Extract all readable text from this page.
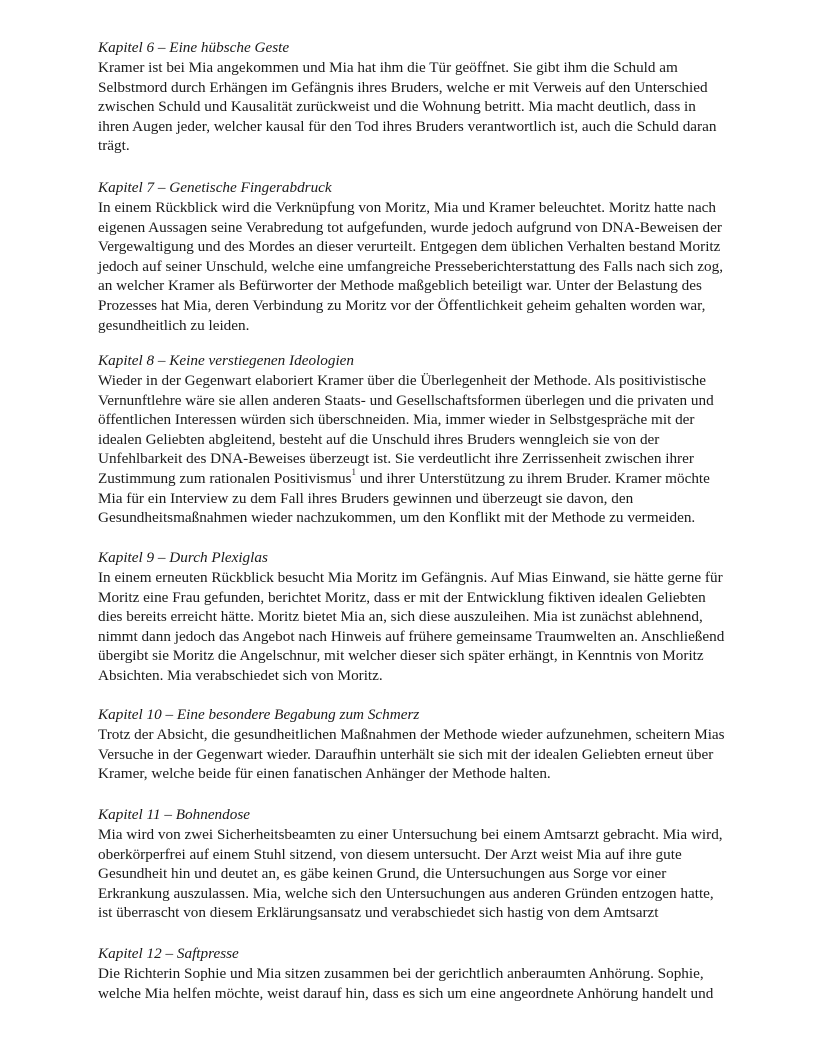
Kapitel 6 – Eine hübsche Geste

Kramer ist bei Mia angekommen und Mia hat ihm die Tür geöffnet. Sie gibt ihm die Schuld am Selbstmord durch Erhängen im Gefängnis ihres Bruders, welche er mit Verweis auf den Unterschied zwischen Schuld und Kausalität zurückweist und die Wohnung betritt. Mia macht deutlich, dass in ihren Augen jeder, welcher kausal für den Tod ihres Bruders verantwortlich ist, auch die Schuld daran trägt.

Kapitel 7 – Genetische Fingerabdruck

In einem Rückblick wird die Verknüpfung von Moritz, Mia und Kramer beleuchtet. Moritz hatte nach eigenen Aussagen seine Verabredung tot aufgefunden, wurde jedoch aufgrund von DNA-Beweisen der Vergewaltigung und des Mordes an dieser verurteilt. Entgegen dem üblichen Verhalten bestand Moritz jedoch auf seiner Unschuld, welche eine umfangreiche Presseberichterstattung des Falls nach sich zog, an welcher Kramer als Befürworter der Methode maßgeblich beteiligt war. Unter der Belastung des Prozesses hat Mia, deren Verbindung zu Moritz vor der Öffentlichkeit geheim gehalten worden war, gesundheitlich zu leiden.

Kapitel 8 – Keine verstiegenen Ideologien

Wieder in der Gegenwart elaboriert Kramer über die Überlegenheit der Methode. Als positivistische Vernunftlehre wäre sie allen anderen Staats- und Gesellschaftsformen überlegen und die privaten und öffentlichen Interessen würden sich überschneiden. Mia, immer wieder in Selbstgespräche mit der idealen Geliebten abgleitend, besteht auf die Unschuld ihres Bruders wenngleich sie von der Unfehlbarkeit des DNA-Beweises überzeugt ist. Sie verdeutlicht ihre Zerrissenheit zwischen ihrer Zustimmung zum rationalen Positivismus$^1$ und ihrer Unterstützung zu ihrem Bruder. Kramer möchte Mia für ein Interview zu dem Fall ihres Bruders gewinnen und überzeugt sie davon, den Gesundheitsmaßnahmen wieder nachzukommen, um den Konflikt mit der Methode zu vermeiden.

Kapitel 9 – Durch Plexiglas

In einem erneuten Rückblick besucht Mia Moritz im Gefängnis. Auf Mias Einwand, sie hätte gerne für Moritz eine Frau gefunden, berichtet Moritz, dass er mit der Entwicklung fiktiven idealen Geliebten dies bereits erreicht hätte. Moritz bietet Mia an, sich diese auszuleihen. Mia ist zunächst ablehnend, nimmt dann jedoch das Angebot nach Hinweis auf frühere gemeinsame Traumwelten an. Anschließend übergibt sie Moritz die Angelschnur, mit welcher dieser sich später erhängt, in Kenntnis von Moritz Absichten. Mia verabschiedet sich von Moritz.

Kapitel 10 – Eine besondere Begabung zum Schmerz

Trotz der Absicht, die gesundheitlichen Maßnahmen der Methode wieder aufzunehmen, scheitern Mias Versuche in der Gegenwart wieder. Daraufhin unterhält sie sich mit der idealen Geliebten erneut über Kramer, welche beide für einen fanatischen Anhänger der Methode halten.

Kapitel 11 – Bohnendose

Mia wird von zwei Sicherheitsbeamten zu einer Untersuchung bei einem Amtsarzt gebracht. Mia wird, oberkörperfrei auf einem Stuhl sitzend, von diesem untersucht. Der Arzt weist Mia auf ihre gute Gesundheit hin und deutet an, es gäbe keinen Grund, die Untersuchungen aus Sorge vor einer Erkrankung auszulassen. Mia, welche sich den Untersuchungen aus anderen Gründen entzogen hatte, ist überrascht von diesem Erklärungsansatz und verabschiedet sich hastig von dem Amtsarzt

Kapitel 12 – Saftpresse

Die Richterin Sophie und Mia sitzen zusammen bei der gerichtlich anberaumten Anhörung. Sophie, welche Mia helfen möchte, weist darauf hin, dass es sich um eine angeordnete Anhörung handelt und
